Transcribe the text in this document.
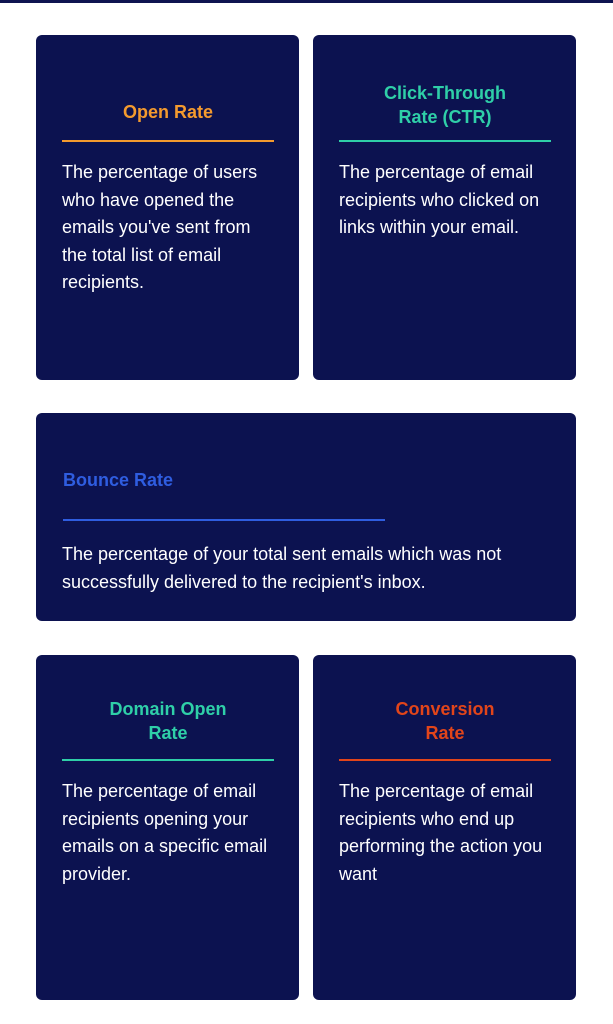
Open Rate
The percentage of users who have opened the emails you've sent from the total list of email recipients.
Click-Through
Rate (CTR)
The percentage of email recipients who clicked on links within your email.
Bounce Rate
The percentage of your total sent emails which was not successfully delivered to the recipient's inbox.
Domain Open
Rate
The percentage of email recipients opening your emails on a specific email provider.
Conversion
Rate
The percentage of email recipients who end up performing the action you want
